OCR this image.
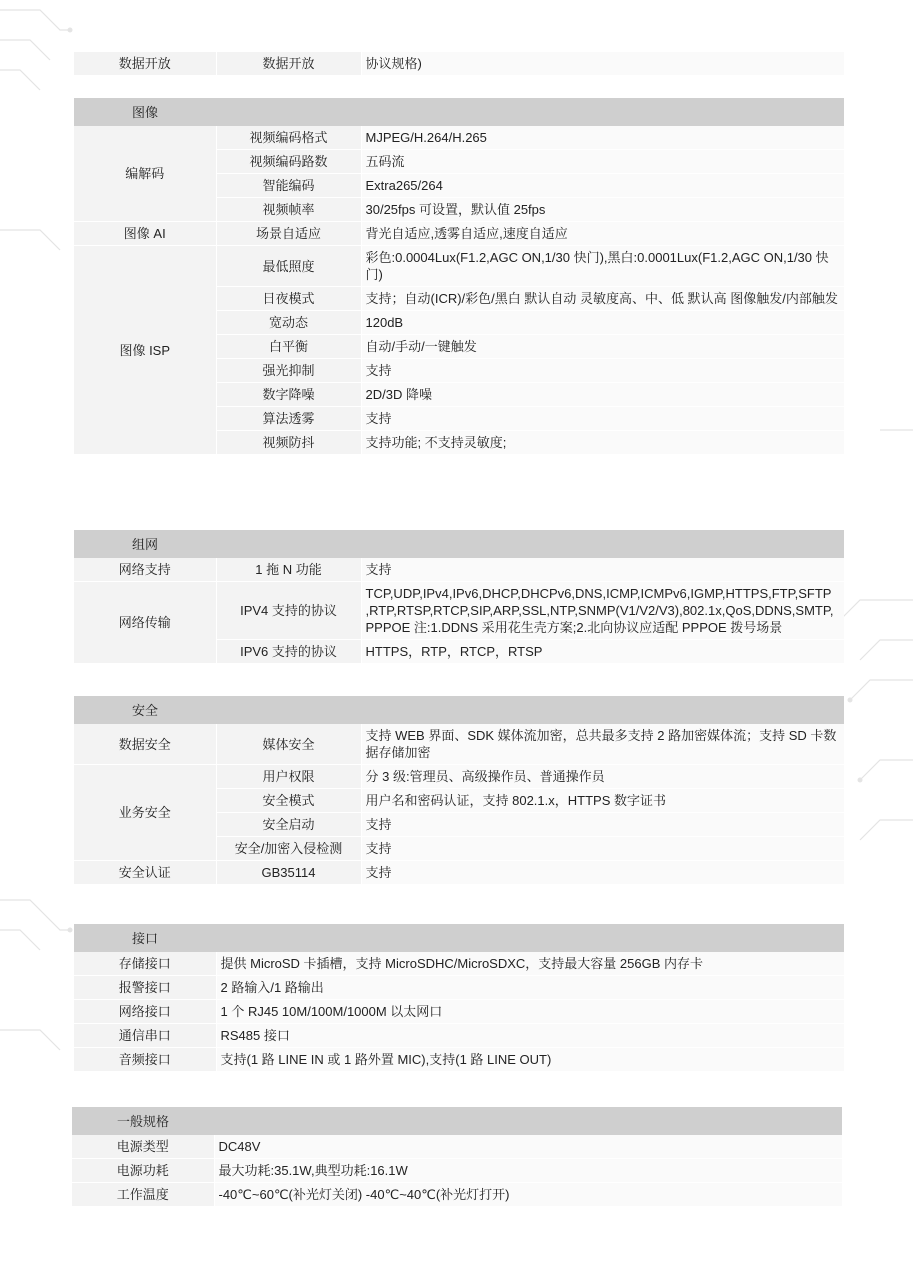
数据开放	数据开放	协议规格)
图像		
编解码	视频编码格式	MJPEG/H.264/H.265
	视频编码路数	五码流
	智能编码	Extra265/264
	视频帧率	30/25fps 可设置，默认值 25fps
图像 AI	场景自适应	背光自适应,透雾自适应,速度自适应
图像 ISP	最低照度	彩色:0.0004Lux(F1.2,AGC ON,1/30 快门),黑白:0.0001Lux(F1.2,AGC ON,1/30 快门)
	日夜模式	支持；自动(ICR)/彩色/黑白 默认自动 灵敏度高、中、低 默认高 图像触发/内部触发
	宽动态	120dB
	白平衡	自动/手动/一键触发
	强光抑制	支持
	数字降噪	2D/3D 降噪
	算法透雾	支持
	视频防抖	支持功能; 不支持灵敏度;
组网		
网络支持	1 拖 N 功能	支持
网络传输	IPV4 支持的协议	TCP,UDP,IPv4,IPv6,DHCP,DHCPv6,DNS,ICMP,ICMPv6,IGMP,HTTPS,FTP,SFTP ,RTP,RTSP,RTCP,SIP,ARP,SSL,NTP,SNMP(V1/V2/V3),802.1x,QoS,DDNS,SMTP, PPPOE 注:1.DDNS 采用花生壳方案;2.北向协议应适配 PPPOE 拨号场景
	IPV6 支持的协议	HTTPS，RTP，RTCP，RTSP
安全		
数据安全	媒体安全	支持 WEB 界面、SDK 媒体流加密，总共最多支持 2 路加密媒体流；支持 SD 卡数 据存储加密
业务安全	用户权限	分 3 级:管理员、高级操作员、普通操作员
	安全模式	用户名和密码认证，支持 802.1.x，HTTPS 数字证书
	安全启动	支持
	安全/加密入侵检测	支持
安全认证	GB35114	支持
接口	
存储接口	提供 MicroSD 卡插槽，支持 MicroSDHC/MicroSDXC，支持最大容量 256GB 内存卡
报警接口	2 路输入/1 路输出
网络接口	1 个 RJ45 10M/100M/1000M 以太网口
通信串口	RS485 接口
音频接口	支持(1 路 LINE IN 或 1 路外置 MIC),支持(1 路 LINE OUT)
一般规格	
电源类型	DC48V
电源功耗	最大功耗:35.1W,典型功耗:16.1W
工作温度	-40℃~60℃(补光灯关闭) -40℃~40℃(补光灯打开)
